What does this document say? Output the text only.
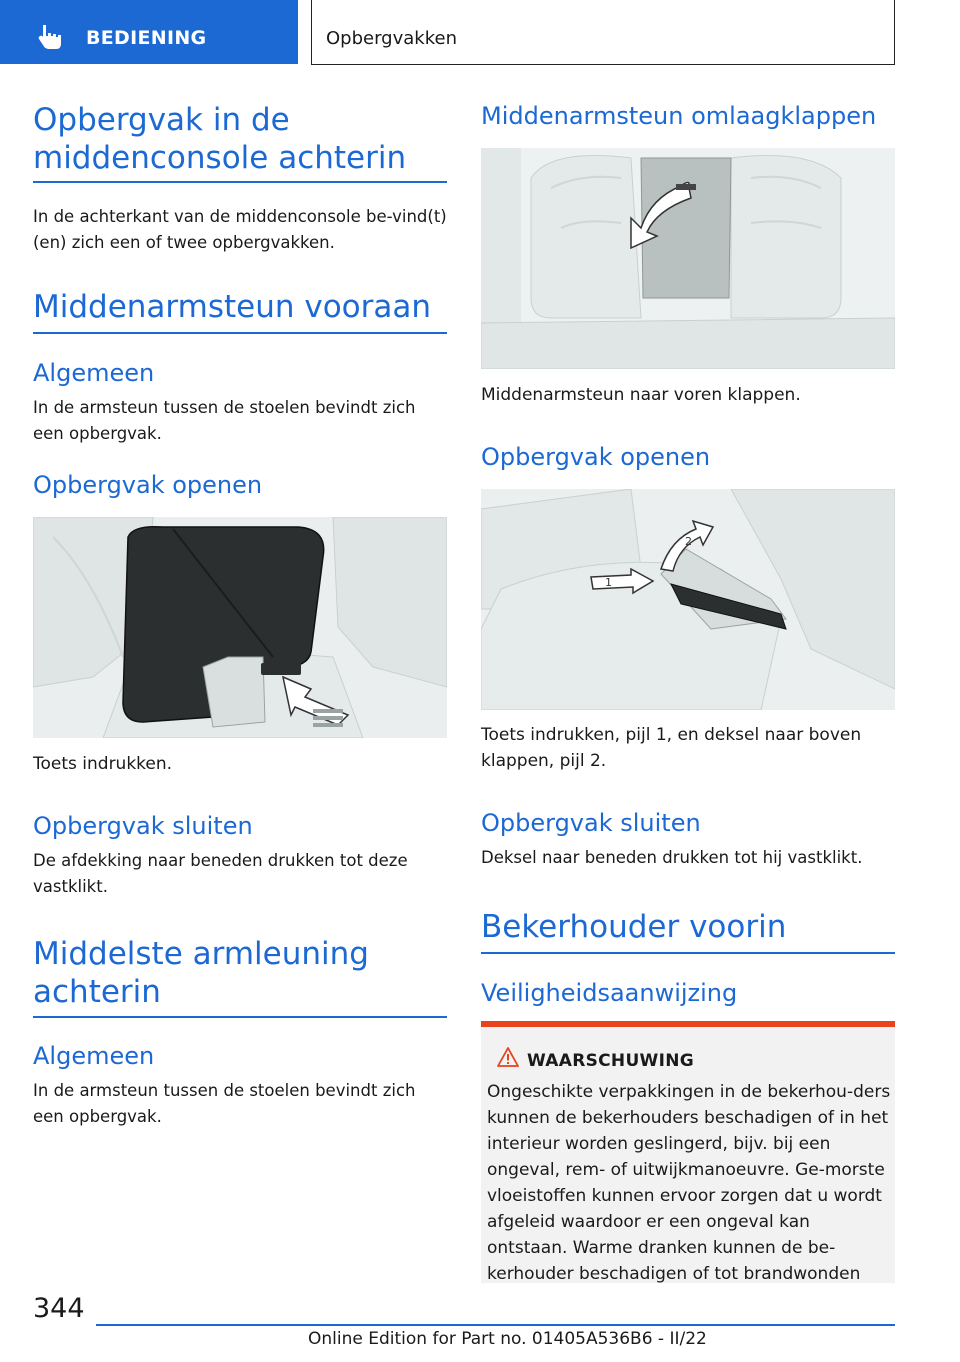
BEDIENING	Opbergvakken
Opbergvak in de middenconsole achterin
In de achterkant van de middenconsole be-vind(t)(en) zich een of twee opbergvakken.
Middenarmsteun vooraan
Algemeen
In de armsteun tussen de stoelen bevindt zich een opbergvak.
Opbergvak openen
Toets indrukken.
Opbergvak sluiten
De afdekking naar beneden drukken tot deze vastklikt.
Middelste armleuning achterin
Algemeen
In de armsteun tussen de stoelen bevindt zich een opbergvak.
Middenarmsteun omlaagklappen
Middenarmsteun naar voren klappen.
Opbergvak openen
1
2
Toets indrukken, pijl 1, en deksel naar boven klappen, pijl 2.
Opbergvak sluiten
Deksel naar beneden drukken tot hij vastklikt.
Bekerhouder voorin
Veiligheidsaanwijzing
WAARSCHUWING
Ongeschikte verpakkingen in de bekerhou-ders kunnen de bekerhouders beschadigen of in het interieur worden geslingerd, bijv. bij een ongeval, rem- of uitwijkmanoeuvre. Ge-morste vloeistoffen kunnen ervoor zorgen dat u wordt afgeleid waardoor er een ongeval kan ontstaan. Warme dranken kunnen de be-kerhouder beschadigen of tot brandwonden
344
Online Edition for Part no. 01405A536B6 - II/22
